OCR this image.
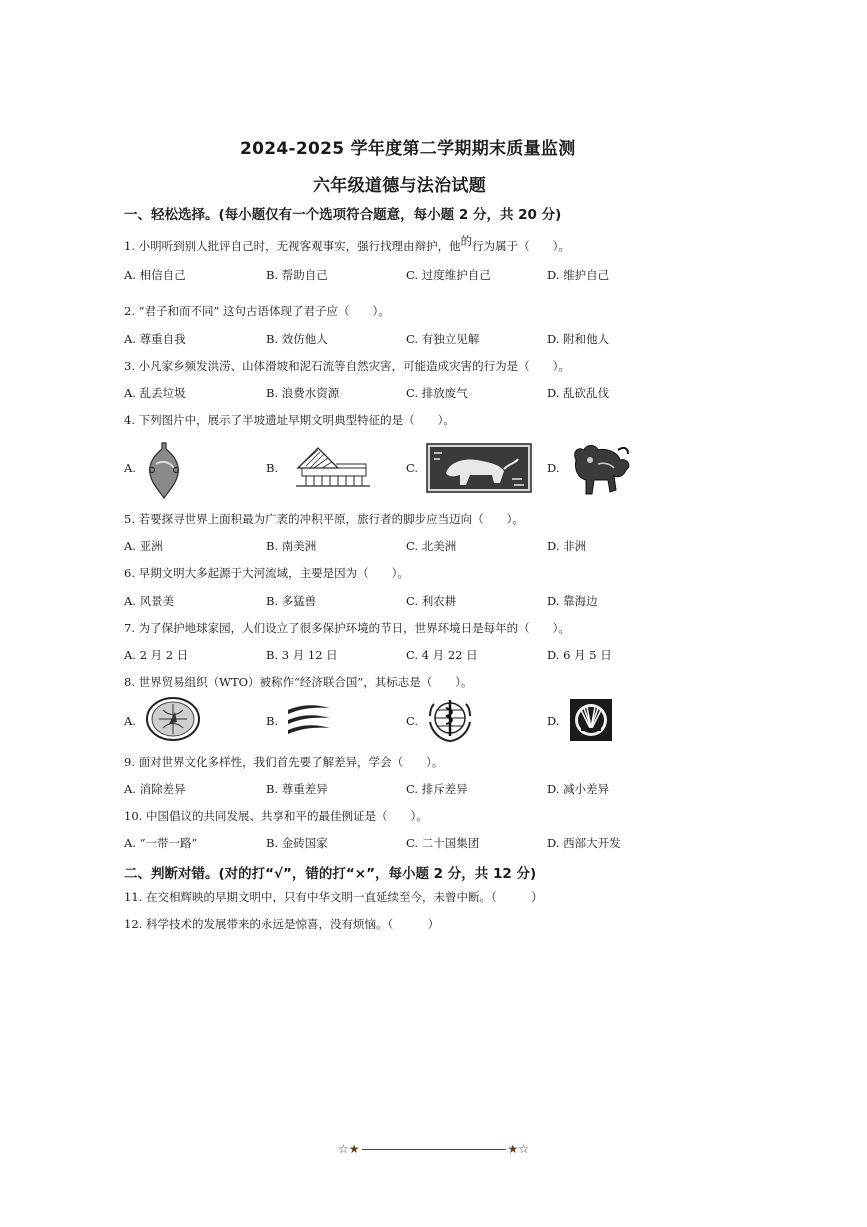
2024-2025 学年度第二学期期末质量监测
六年级道德与法治试题
一、轻松选择。(每小题仅有一个选项符合题意，每小题 2 分，共 20 分)
1. 小明听到别人批评自己时，无视客观事实，强行找理由辩护，他的行为属于（　　）。
A. 相信自己	B. 帮助自己	C. 过度维护自己	D. 维护自己
2. “君子和而不同” 这句古语体现了君子应（　　）。
A. 尊重自我	B. 效仿他人	C. 有独立见解	D. 附和他人
3. 小凡家乡频发洪涝、山体滑坡和泥石流等自然灾害，可能造成灾害的行为是（　　）。
A. 乱丢垃圾	B. 浪费水资源	C. 排放废气	D. 乱砍乱伐
4. 下列图片中，展示了半坡遗址早期文明典型特征的是（　　）。
A.	B.	C.	D.
5. 若要探寻世界上面积最为广袤的冲积平原，旅行者的脚步应当迈向（　　）。
A. 亚洲	B. 南美洲	C. 北美洲	D. 非洲
6. 早期文明大多起源于大河流域，主要是因为（　　）。
A. 风景美	B. 多猛兽	C. 利农耕	D. 靠海边
7. 为了保护地球家园，人们设立了很多保护环境的节日，世界环境日是每年的（　　）。
A. 2 月 2 日	B. 3 月 12 日	C. 4 月 22 日	D. 6 月 5 日
8. 世界贸易组织（WTO）被称作“经济联合国”，其标志是（　　）。
A.	B.	C.	D.
9. 面对世界文化多样性，我们首先要了解差异，学会（　　）。
A. 消除差异	B. 尊重差异	C. 排斥差异	D. 减小差异
10. 中国倡议的共同发展、共享和平的最佳例证是（　　）。
A. “一带一路”	B. 金砖国家	C. 二十国集团	D. 西部大开发
二、判断对错。(对的打“√”，错的打“×”，每小题 2 分，共 12 分)
11. 在交相辉映的早期文明中，只有中华文明一直延续至今，未曾中断。（　　　）
12. 科学技术的发展带来的永远是惊喜，没有烦恼。（　　　）
☆★	★☆
